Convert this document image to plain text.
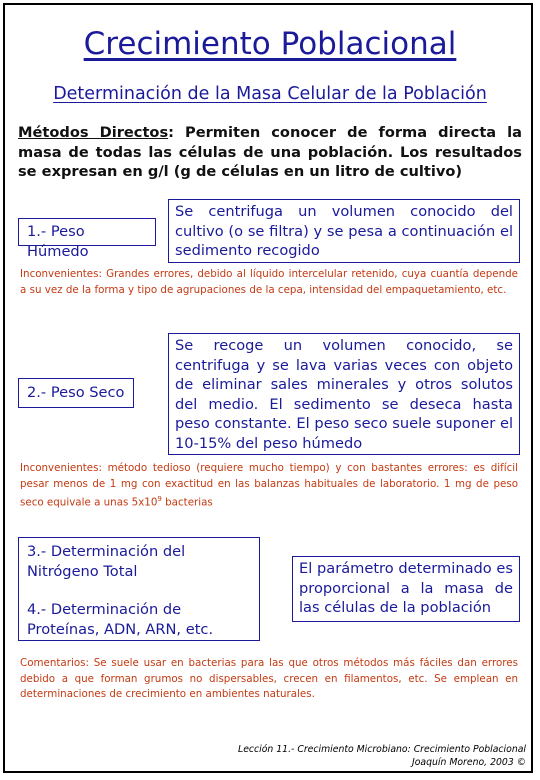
Crecimiento Poblacional
Determinación de la Masa Celular de la Población
Métodos Directos: Permiten conocer de forma directa la masa de todas las células de una población. Los resultados se expresan en g/l (g de células en un litro de cultivo)
1.- Peso Húmedo
Se centrifuga un volumen conocido del cultivo (o se filtra) y se pesa a continuación el sedimento recogido
Inconvenientes: Grandes errores, debido al líquido intercelular retenido, cuya cuantía depende a su vez de la forma y tipo de agrupaciones de la cepa, intensidad del empaquetamiento, etc.
2.- Peso Seco
Se recoge un volumen conocido, se centrifuga y se lava varias veces con objeto de eliminar sales minerales y otros solutos del medio. El sedimento se deseca hasta peso constante. El peso seco suele suponer el 10-15% del peso húmedo
Inconvenientes: método tedioso (requiere mucho tiempo) y con bastantes errores: es difícil pesar menos de 1 mg con exactitud en las balanzas habituales de laboratorio. 1 mg de peso seco equivale a unas $5x10^9$ bacterias
3.- Determinación del Nitrógeno Total
4.- Determinación de Proteínas, ADN, ARN, etc.
El parámetro determinado es proporcional a la masa de las células de la población
Comentarios: Se suele usar en bacterias para las que otros métodos más fáciles dan errores debido a que forman grumos no dispersables, crecen en filamentos, etc. Se emplean en determinaciones de crecimiento en ambientes naturales.
Lección 11.- Crecimiento Microbiano: Crecimiento Poblacional
Joaquín Moreno, 2003 ©
